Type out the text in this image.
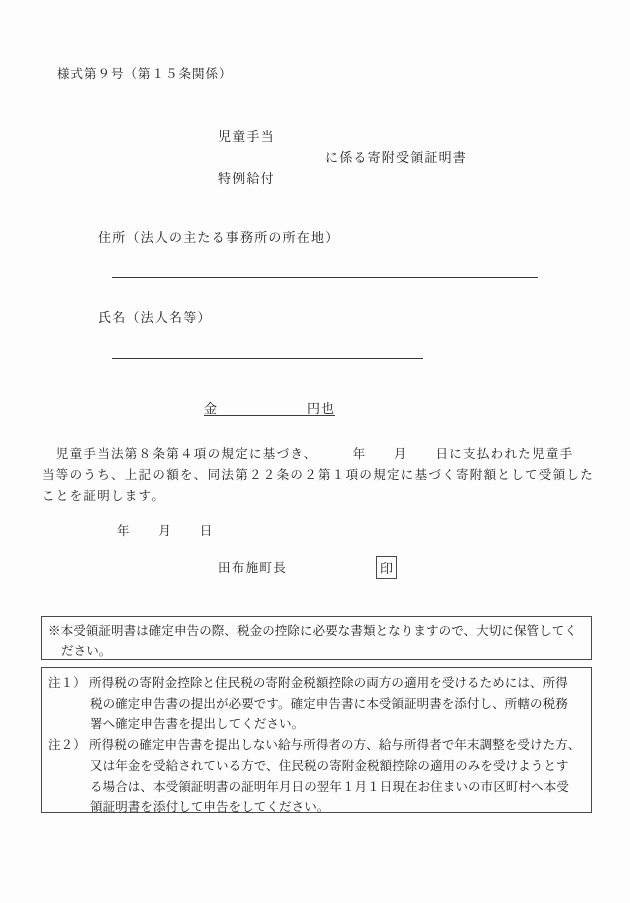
様式第９号（第１５条関係）
児童手当
に係る寄附受領証明書
特例給付
住所（法人の主たる事務所の所在地）
氏名（法人名等）
金	円也
　児童手当法第８条第４項の規定に基づき、　　　年　　月　　日に支払われた児童手
当等のうち、上記の額を、同法第２２条の２第１項の規定に基づく寄附額として受領した
ことを証明します。
年　　月　　日
田布施町長	印
※本受領証明書は確定申告の際、税金の控除に必要な書類となりますので、大切に保管してく
ださい。
注１） 所得税の寄附金控除と住民税の寄附金税額控除の両方の適用を受けるためには、所得
税の確定申告書の提出が必要です。確定申告書に本受領証明書を添付し、所轄の税務
署へ確定申告書を提出してください。
注２） 所得税の確定申告書を提出しない給与所得者の方、給与所得者で年末調整を受けた方、
又は年金を受給されている方で、住民税の寄附金税額控除の適用のみを受けようとす
る場合は、本受領証明書の証明年月日の翌年１月１日現在お住まいの市区町村へ本受
領証明書を添付して申告をしてください。
